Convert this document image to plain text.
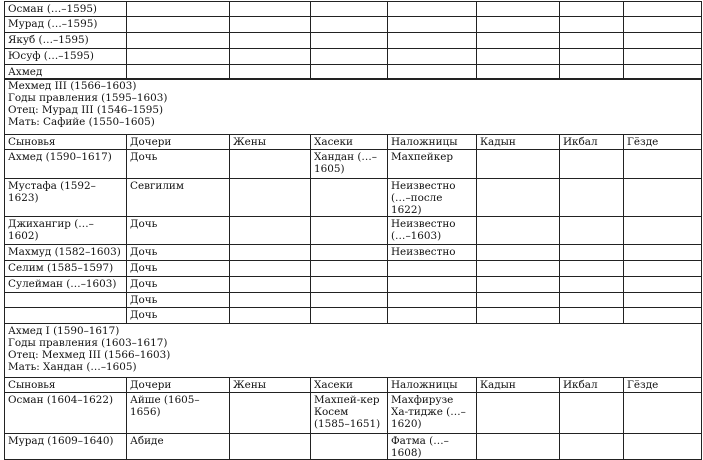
Осман (…–1595)							
Мурад (…–1595)							
Якуб (…–1595)							
Юсуф (…–1595)							
Ахмед							
Мехмед III (1566–1603)
Годы правления (1595–1603)
Отец: Мурад III (1546–1595)
Мать: Сафийе (1550–1605)							

Сыновья	Дочери	Жены	Хасеки	Наложницы	Кадын	Икбал	Гёзде
Ахмед (1590–1617)	Дочь		Хандан (…–1605)	Махпейкер			
Мустафа (1592–1623)	Севгилим			Неизвестно (…–после 1622)			
Джихангир (…–1602)	Дочь			Неизвестно (…–1603)			
Махмуд (1582–1603)	Дочь			Неизвестно			
Селим (1585–1597)	Дочь						
Сулейман (…–1603)	Дочь						
	Дочь						
	Дочь						

Ахмед I (1590–1617)
Годы правления (1603–1617)
Отец: Мехмед III (1566–1603)
Мать: Хандан (…–1605)							

Сыновья	Дочери	Жены	Хасеки	Наложницы	Кадын	Икбал	Гёзде
Осман (1604–1622)	Айше (1605–1656)		Махпей-кер Косем (1585–1651)	Махфирузе Ха-тидже (…–1620)			
Мурад (1609–1640)	Абиде			Фатма (…–1608)			
